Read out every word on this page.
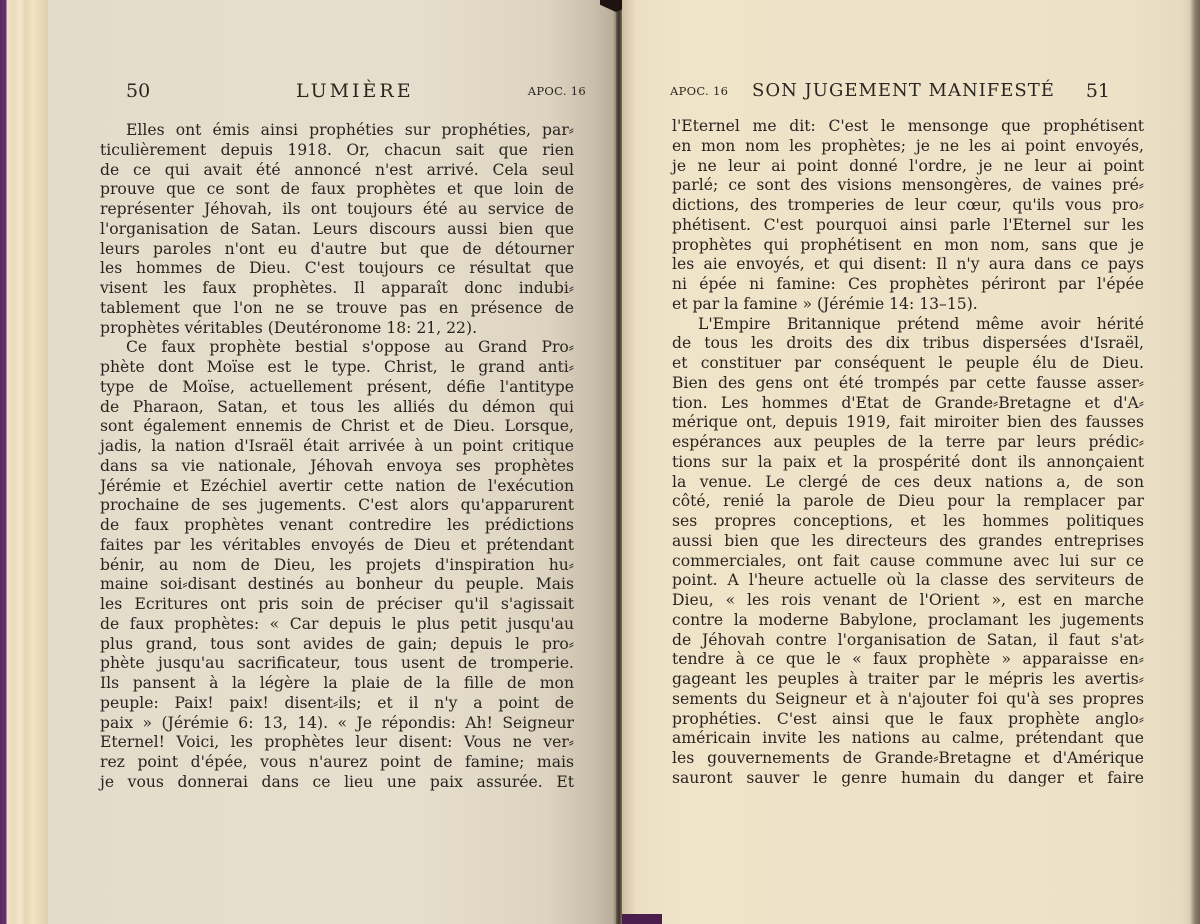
50	LUMIÈRE	APOC. 16
Elles ont émis ainsi prophéties sur prophéties, par⸗
ticulièrement depuis 1918. Or, chacun sait que rien
de ce qui avait été annoncé n'est arrivé. Cela seul
prouve que ce sont de faux prophètes et que loin de
représenter Jéhovah, ils ont toujours été au service de
l'organisation de Satan. Leurs discours aussi bien que
leurs paroles n'ont eu d'autre but que de détourner
les hommes de Dieu. C'est toujours ce résultat que
visent les faux prophètes. Il apparaît donc indubi⸗
tablement que l'on ne se trouve pas en présence de
prophètes véritables (Deutéronome 18: 21, 22).
Ce faux prophète bestial s'oppose au Grand Pro⸗
phète dont Moïse est le type. Christ, le grand anti⸗
type de Moïse, actuellement présent, défie l'antitype
de Pharaon, Satan, et tous les alliés du démon qui
sont également ennemis de Christ et de Dieu. Lorsque,
jadis, la nation d'Israël était arrivée à un point critique
dans sa vie nationale, Jéhovah envoya ses prophètes
Jérémie et Ezéchiel avertir cette nation de l'exécution
prochaine de ses jugements. C'est alors qu'apparurent
de faux prophètes venant contredire les prédictions
faites par les véritables envoyés de Dieu et prétendant
bénir, au nom de Dieu, les projets d'inspiration hu⸗
maine soi⸗disant destinés au bonheur du peuple. Mais
les Ecritures ont pris soin de préciser qu'il s'agissait
de faux prophètes: « Car depuis le plus petit jusqu'au
plus grand, tous sont avides de gain; depuis le pro⸗
phète jusqu'au sacrificateur, tous usent de tromperie.
Ils pansent à la légère la plaie de la fille de mon
peuple: Paix! paix! disent⸗ils; et il n'y a point de
paix » (Jérémie 6: 13, 14). « Je répondis: Ah! Seigneur
Eternel! Voici, les prophètes leur disent: Vous ne ver⸗
rez point d'épée, vous n'aurez point de famine; mais
je vous donnerai dans ce lieu une paix assurée. Et
APOC. 16 SON JUGEMENT MANIFESTÉ 51
l'Eternel me dit: C'est le mensonge que prophétisent
en mon nom les prophètes; je ne les ai point envoyés,
je ne leur ai point donné l'ordre, je ne leur ai point
parlé; ce sont des visions mensongères, de vaines pré⸗
dictions, des tromperies de leur cœur, qu'ils vous pro⸗
phétisent. C'est pourquoi ainsi parle l'Eternel sur les
prophètes qui prophétisent en mon nom, sans que je
les aie envoyés, et qui disent: Il n'y aura dans ce pays
ni épée ni famine: Ces prophètes périront par l'épée
et par la famine » (Jérémie 14: 13–15).
L'Empire Britannique prétend même avoir hérité
de tous les droits des dix tribus dispersées d'Israël,
et constituer par conséquent le peuple élu de Dieu.
Bien des gens ont été trompés par cette fausse asser⸗
tion. Les hommes d'Etat de Grande⸗Bretagne et d'A⸗
mérique ont, depuis 1919, fait miroiter bien des fausses
espérances aux peuples de la terre par leurs prédic⸗
tions sur la paix et la prospérité dont ils annonçaient
la venue. Le clergé de ces deux nations a, de son
côté, renié la parole de Dieu pour la remplacer par
ses propres conceptions, et les hommes politiques
aussi bien que les directeurs des grandes entreprises
commerciales, ont fait cause commune avec lui sur ce
point. A l'heure actuelle où la classe des serviteurs de
Dieu, « les rois venant de l'Orient », est en marche
contre la moderne Babylone, proclamant les jugements
de Jéhovah contre l'organisation de Satan, il faut s'at⸗
tendre à ce que le « faux prophète » apparaisse en⸗
gageant les peuples à traiter par le mépris les avertis⸗
sements du Seigneur et à n'ajouter foi qu'à ses propres
prophéties. C'est ainsi que le faux prophète anglo⸗
américain invite les nations au calme, prétendant que
les gouvernements de Grande⸗Bretagne et d'Amérique
sauront sauver le genre humain du danger et faire
